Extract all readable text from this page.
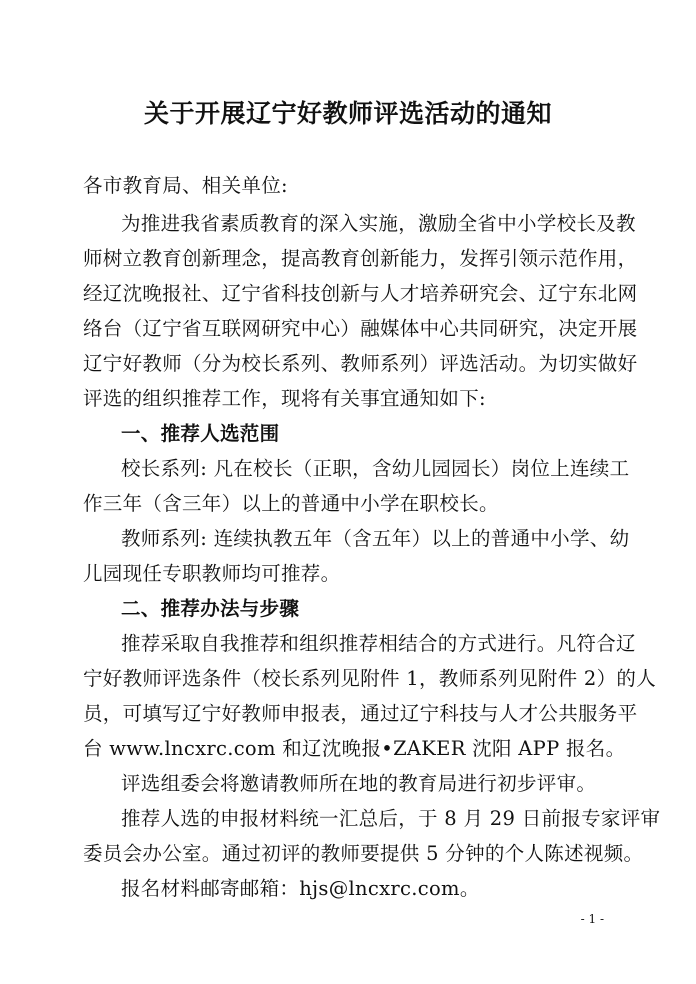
关于开展辽宁好教师评选活动的通知
各市教育局、相关单位:
为推进我省素质教育的深入实施，激励全省中小学校长及教
师树立教育创新理念，提高教育创新能力，发挥引领示范作用，
经辽沈晚报社、辽宁省科技创新与人才培养研究会、辽宁东北网
络台（辽宁省互联网研究中心）融媒体中心共同研究，决定开展
辽宁好教师（分为校长系列、教师系列）评选活动。为切实做好
评选的组织推荐工作，现将有关事宜通知如下:
一、推荐人选范围
校长系列: 凡在校长（正职，含幼儿园园长）岗位上连续工
作三年（含三年）以上的普通中小学在职校长。
教师系列: 连续执教五年（含五年）以上的普通中小学、幼
儿园现任专职教师均可推荐。
二、推荐办法与步骤
推荐采取自我推荐和组织推荐相结合的方式进行。凡符合辽
宁好教师评选条件（校长系列见附件 1，教师系列见附件 2）的人
员，可填写辽宁好教师申报表，通过辽宁科技与人才公共服务平
台 www.lncxrc.com 和辽沈晚报•ZAKER 沈阳 APP 报名。
评选组委会将邀请教师所在地的教育局进行初步评审。
推荐人选的申报材料统一汇总后，于 8 月 29 日前报专家评审
委员会办公室。通过初评的教师要提供 5 分钟的个人陈述视频。
报名材料邮寄邮箱：hjs@lncxrc.com。
- 1 -
